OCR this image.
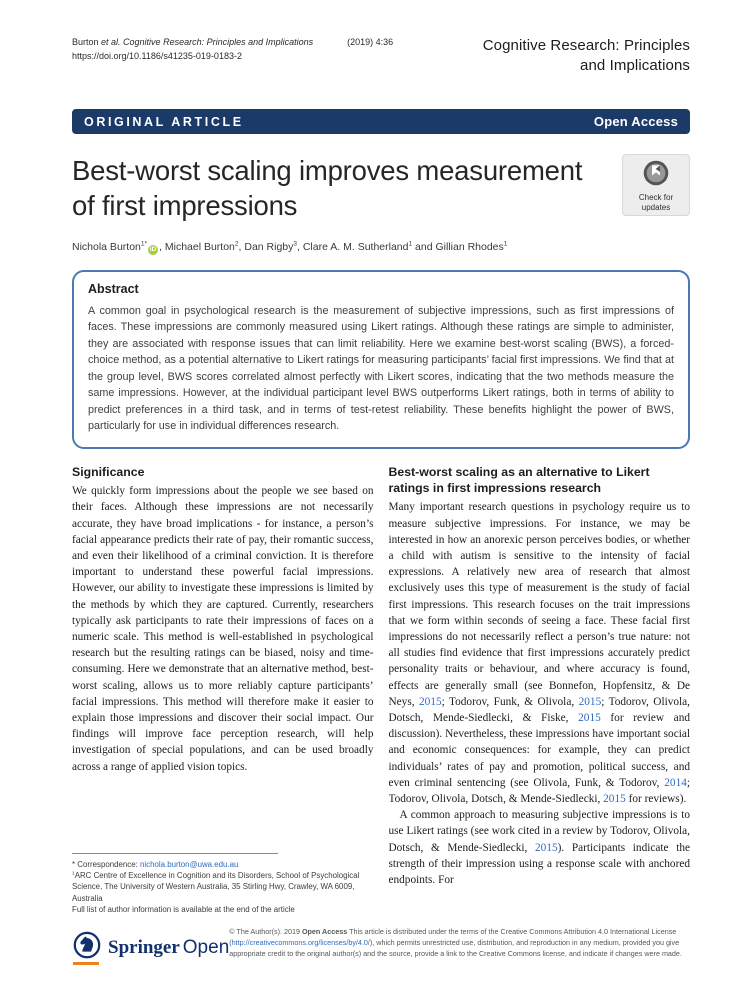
Burton et al. Cognitive Research: Principles and Implications	(2019) 4:36
https://doi.org/10.1186/s41235-019-0183-2
Cognitive Research: Principles and Implications
ORIGINAL ARTICLE	Open Access
Best-worst scaling improves measurement of first impressions	Check for
updates
Nichola Burton$^{1*}$iD , Michael Burton$^2$, Dan Rigby$^3$, Clare A. M. Sutherland$^1$ and Gillian Rhodes$^1$
Abstract

A common goal in psychological research is the measurement of subjective impressions, such as first impressions of faces. These impressions are commonly measured using Likert ratings. Although these ratings are simple to administer, they are associated with response issues that can limit reliability. Here we examine best-worst scaling (BWS), a forced-choice method, as a potential alternative to Likert ratings for measuring participants’ facial first impressions. We find that at the group level, BWS scores correlated almost perfectly with Likert scores, indicating that the two methods measure the same impressions. However, at the individual participant level BWS outperforms Likert ratings, both in terms of ability to predict preferences in a third task, and in terms of test-retest reliability. These benefits highlight the power of BWS, particularly for use in individual differences research.

Significance

We quickly form impressions about the people we see based on their faces. Although these impressions are not necessarily accurate, they have broad implications - for instance, a person’s facial appearance predicts their rate of pay, their romantic success, and even their likelihood of a criminal conviction. It is therefore important to understand these powerful facial impressions. However, our ability to investigate these impressions is limited by the methods by which they are captured. Currently, researchers typically ask participants to rate their impressions of faces on a numeric scale. This method is well-established in psychological research but the resulting ratings can be biased, noisy and time-consuming. Here we demonstrate that an alternative method, best-worst scaling, allows us to more reliably capture participants’ facial impressions. This method will therefore make it easier to explain those impressions and discover their social impact. Our findings will improve face perception research, will help investigation of special populations, and can be used broadly across a range of applied vision topics.

* Correspondence: nichola.burton@uwa.edu.au

$^1$ARC Centre of Excellence in Cognition and its Disorders, School of Psychological Science, The University of Western Australia, 35 Stirling Hwy, Crawley, WA 6009, Australia

Full list of author information is available at the end of the article

Best-worst scaling as an alternative to Likert ratings in first impressions research

Many important research questions in psychology require us to measure subjective impressions. For instance, we may be interested in how an anorexic person perceives bodies, or whether a child with autism is sensitive to the intensity of facial expressions. A relatively new area of research that almost exclusively uses this type of measurement is the study of facial first impressions. This research focuses on the trait impressions that we form within seconds of seeing a face. These facial first impressions do not necessarily reflect a person’s true nature: not all studies find evidence that first impressions accurately predict personality traits or behaviour, and where accuracy is found, effects are generally small (see Bonnefon, Hopfensitz, & De Neys, 2015; Todorov, Funk, & Olivola, 2015; Todorov, Olivola, Dotsch, Mende-Siedlecki, & Fiske, 2015 for review and discussion). Nevertheless, these impressions have important social and economic consequences: for example, they can predict individuals’ rates of pay and promotion, political success, and even criminal sentencing (see Olivola, Funk, & Todorov, 2014; Todorov, Olivola, Dotsch, & Mende-Siedlecki, 2015 for reviews).

A common approach to measuring subjective impressions is to use Likert ratings (see work cited in a review by Todorov, Olivola, Dotsch, & Mende-Siedlecki, 2015). Participants indicate the strength of their impression using a response scale with anchored endpoints. For

Springer Open

© The Author(s). 2019 Open Access This article is distributed under the terms of the Creative Commons Attribution 4.0 International License (http://creativecommons.org/licenses/by/4.0/), which permits unrestricted use, distribution, and reproduction in any medium, provided you give appropriate credit to the original author(s) and the source, provide a link to the Creative Commons license, and indicate if changes were made.
